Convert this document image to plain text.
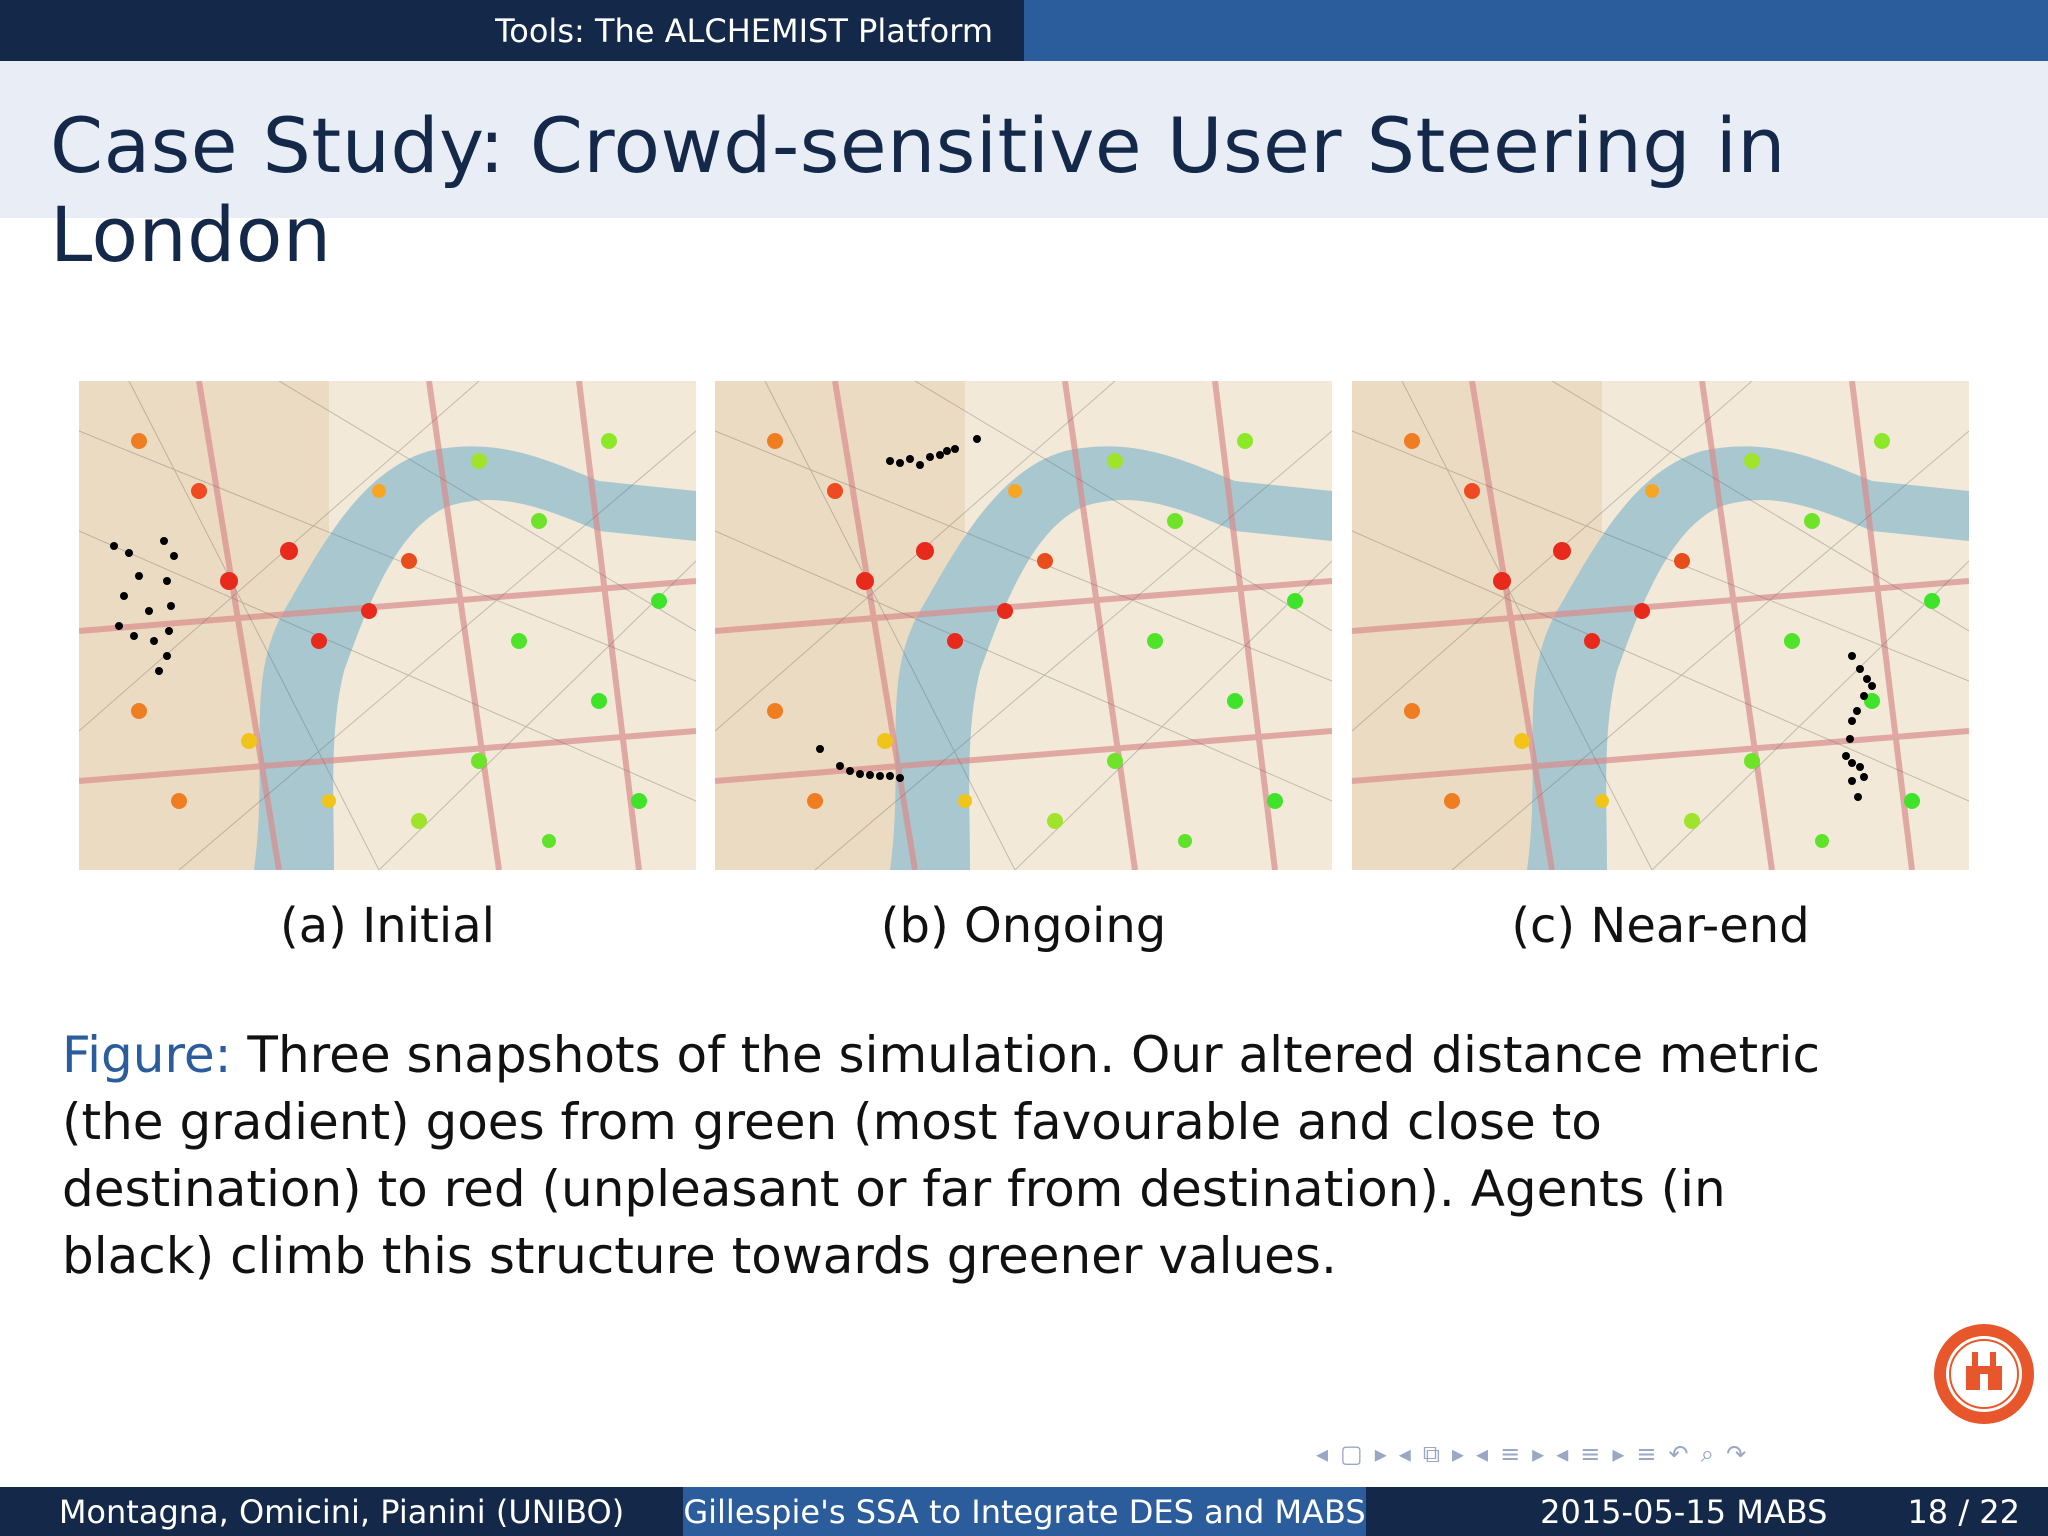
Tools: The ALCHEMIST Platform
Case Study: Crowd-sensitive User Steering in London
(a) Initial	(b) Ongoing	(c) Near-end
Figure: Three snapshots of the simulation. Our altered distance metric (the gradient) goes from green (most favourable and close to destination) to red (unpleasant or far from destination). Agents (in black) climb this structure towards greener values.
◂ ▢ ▸ ◂ ⧉ ▸ ◂ ≡ ▸ ◂ ≡ ▸ ≡ ↶ ⌕ ↷
Montagna, Omicini, Pianini (UNIBO)	Gillespie's SSA to Integrate DES and MABS	2015-05-15 MABS	18 / 22
